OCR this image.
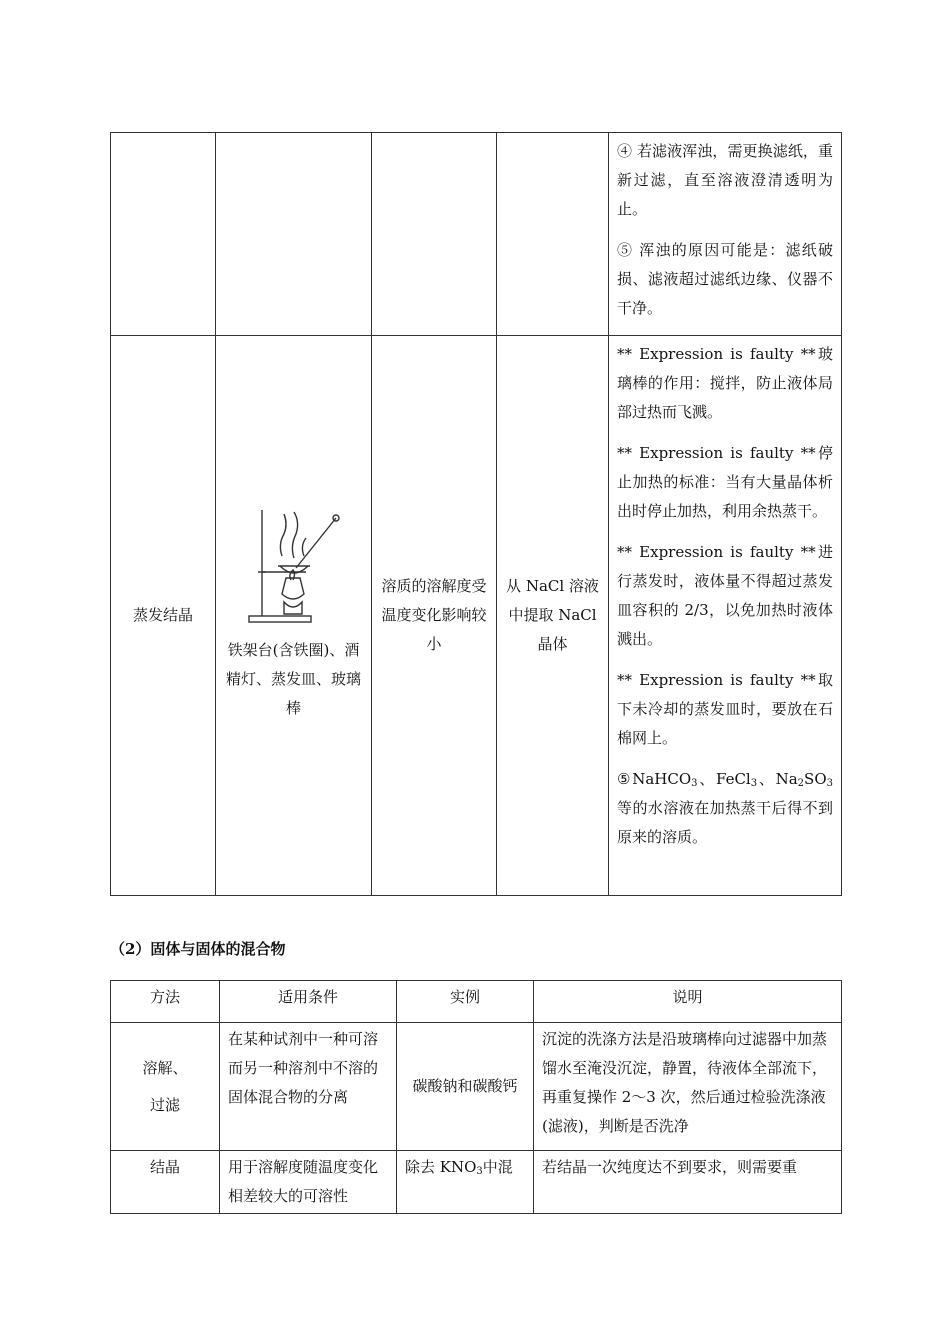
				④ 若滤液浑浊，需更换滤纸，重新过滤，直至溶液澄清透明为止。

⑤ 浑浊的原因可能是：滤纸破损、滤液超过滤纸边缘、仪器不干净。

蒸发结晶	铁架台(含铁圈)、酒精灯、蒸发皿、玻璃棒	溶质的溶解度受温度变化影响较小	从 NaCl 溶液中提取 NaCl 晶体	** Expression is faulty **玻璃棒的作用：搅拌，防止液体局部过热而飞溅。

** Expression is faulty **停止加热的标准：当有大量晶体析出时停止加热，利用余热蒸干。

** Expression is faulty **进行蒸发时，液体量不得超过蒸发皿容积的 2/3，以免加热时液体溅出。

** Expression is faulty **取下未冷却的蒸发皿时，要放在石棉网上。

⑤NaHCO3、FeCl3、Na2SO3等的水溶液在加热蒸干后得不到原来的溶质。

（2）固体与固体的混合物
方法	适用条件	实例	说明

溶解、
过滤	在某种试剂中一种可溶而另一种溶剂中不溶的固体混合物的分离	碳酸钠和碳酸钙	沉淀的洗涤方法是沿玻璃棒向过滤器中加蒸馏水至淹没沉淀，静置，待液体全部流下，再重复操作 2～3 次，然后通过检验洗涤液(滤液)，判断是否洗净
结晶	用于溶解度随温度变化相差较大的可溶性	除去 KNO3中混	若结晶一次纯度达不到要求，则需要重
